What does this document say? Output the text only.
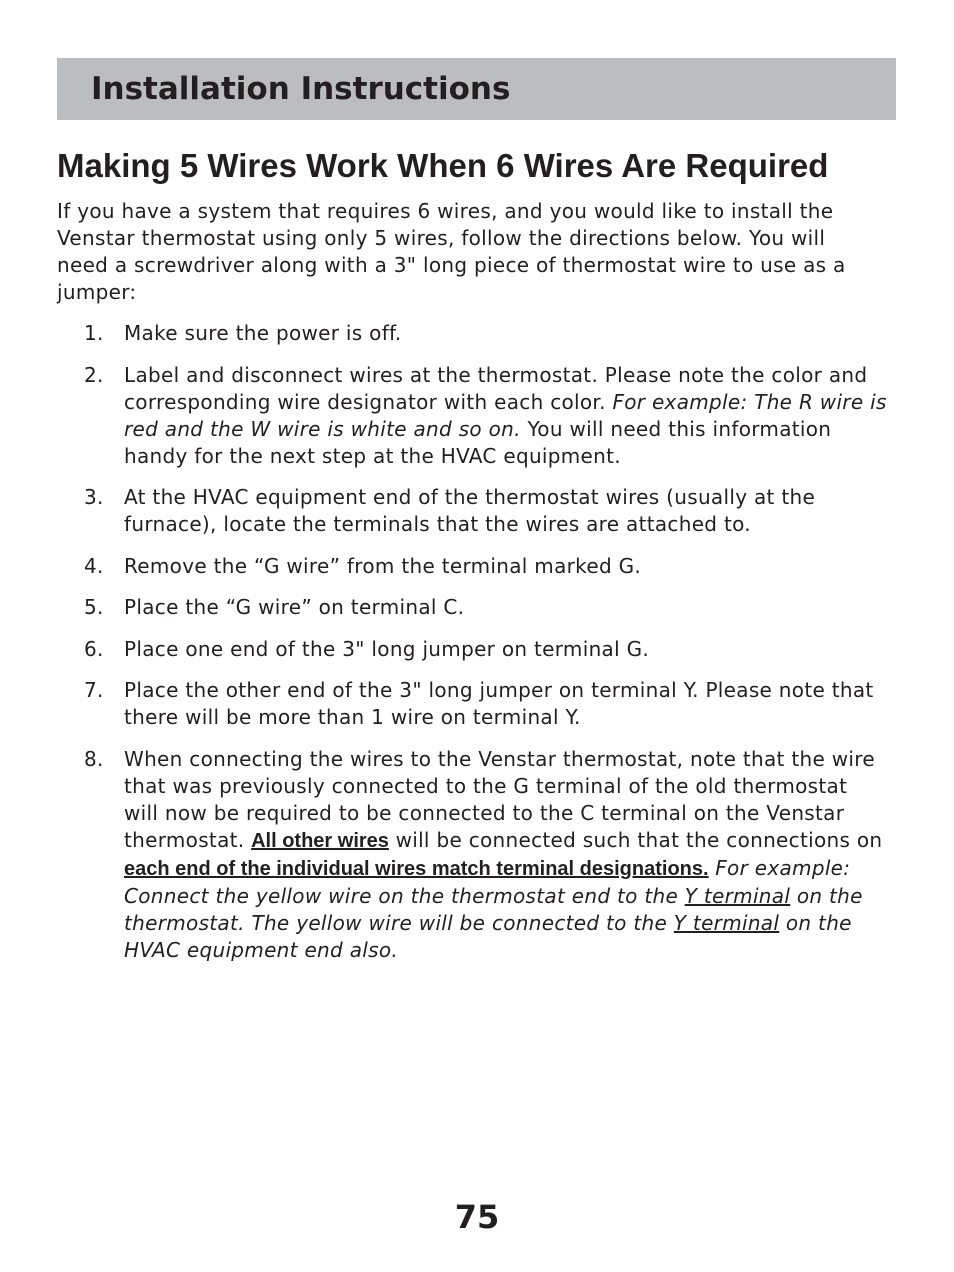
Installation Instructions
Making 5 Wires Work When 6 Wires Are Required

If you have a system that requires 6 wires, and you would like to install the Venstar thermostat using only 5 wires, follow the directions below. You will need a screwdriver along with a 3" long piece of thermostat wire to use as a jumper:

1. Make sure the power is off.
2. Label and disconnect wires at the thermostat. Please note the color and corresponding wire designator with each color. For example: The R wire is red and the W wire is white and so on. You will need this information handy for the next step at the HVAC equipment.
3. At the HVAC equipment end of the thermostat wires (usually at the furnace), locate the terminals that the wires are attached to.
4. Remove the “G wire” from the terminal marked G.
5. Place the “G wire” on terminal C.
6. Place one end of the 3" long jumper on terminal G.
7. Place the other end of the 3" long jumper on terminal Y. Please note that there will be more than 1 wire on terminal Y.
8. When connecting the wires to the Venstar thermostat, note that the wire that was previously connected to the G terminal of the old thermostat will now be required to be connected to the C terminal on the Venstar thermostat. All other wires will be connected such that the connections on each end of the individual wires match terminal designations. For example: Connect the yellow wire on the thermostat end to the Y terminal on the thermostat. The yellow wire will be connected to the Y terminal on the HVAC equipment end also.
75
